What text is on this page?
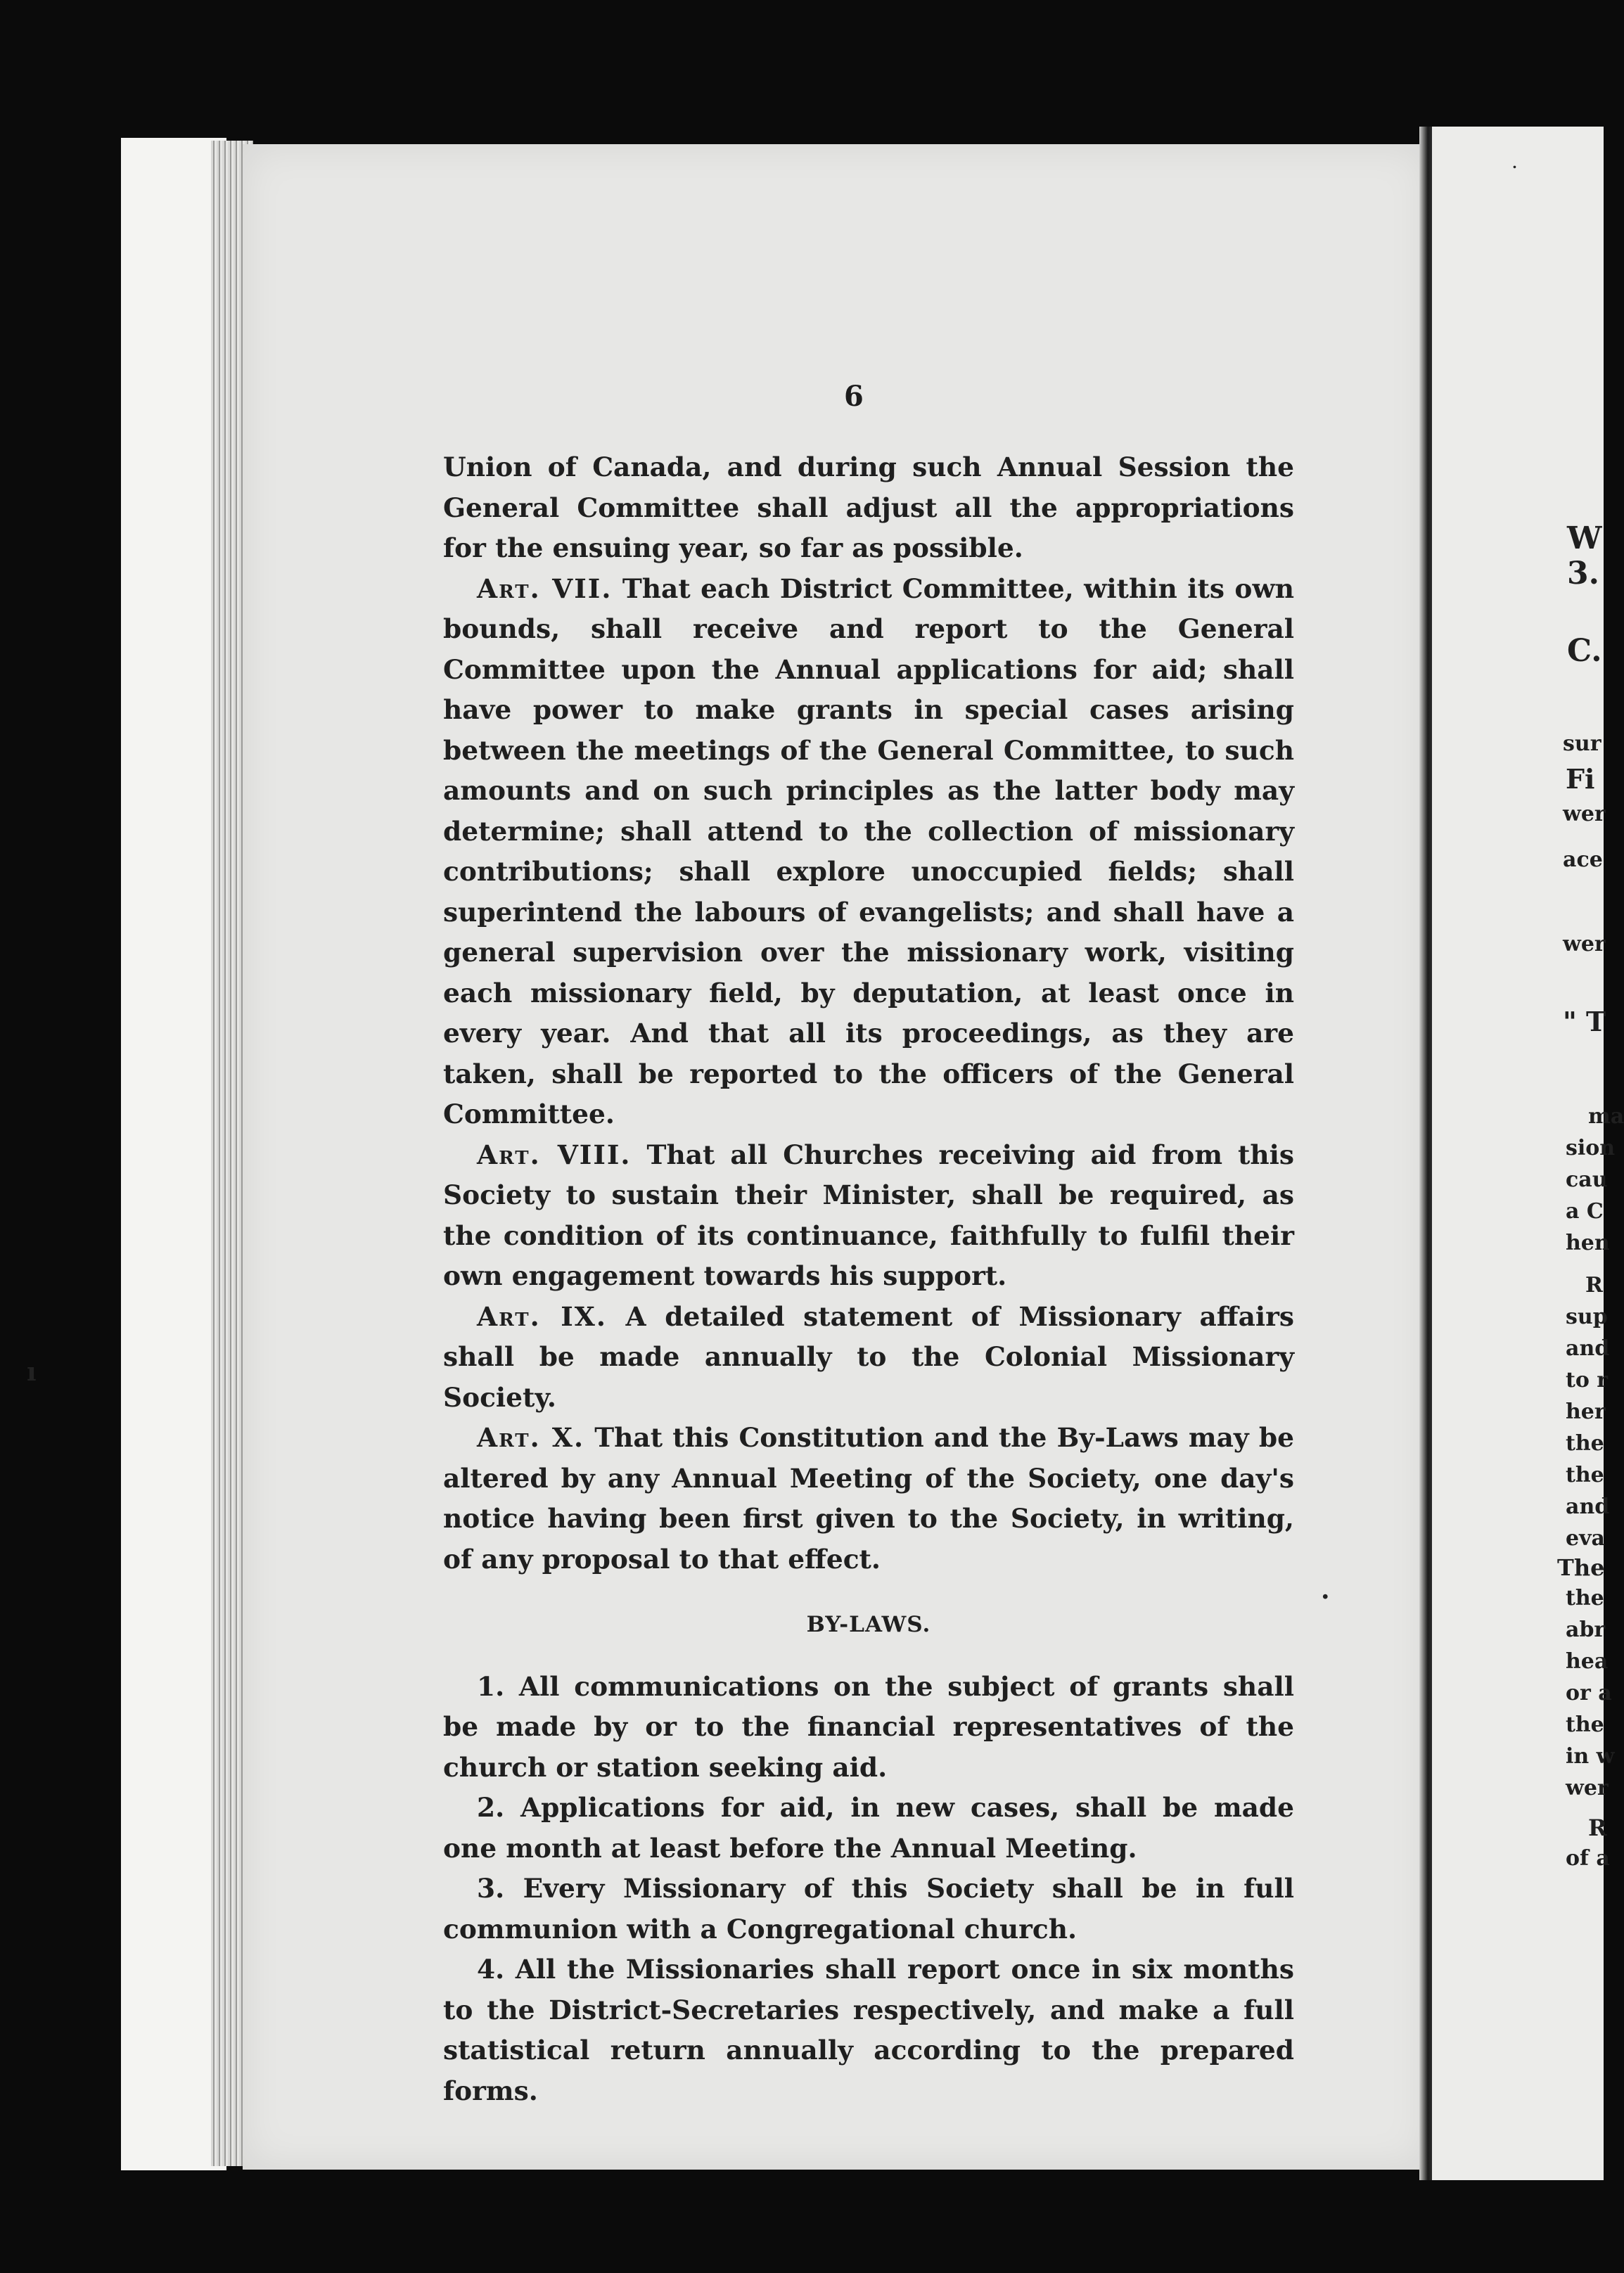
ı
.
.
6

Union of Canada, and during such Annual Session the General Committee shall adjust all the appropriations for the ensuing year, so far as possible.

Art. VII. That each District Committee, within its own bounds, shall receive and report to the General Committee upon the Annual applications for aid; shall have power to make grants in special cases arising between the meetings of the General Committee, to such amounts and on such principles as the latter body may determine; shall attend to the collection of missionary contributions; shall explore unoccupied fields; shall superintend the labours of evangelists; and shall have a general supervision over the missionary work, visiting each missionary field, by deputation, at least once in every year. And that all its proceedings, as they are taken, shall be reported to the officers of the General Committee.

Art. VIII. That all Churches receiving aid from this Society to sustain their Minister, shall be required, as the condition of its continuance, faithfully to fulfil their own engagement towards his support.

Art. IX. A detailed statement of Missionary affairs shall be made annually to the Colonial Missionary Society.

Art. X. That this Constitution and the By-Laws may be altered by any Annual Meeting of the Society, one day's notice having been first given to the Society, in writing, of any proposal to that effect.

BY-LAWS.

1. All communications on the subject of grants shall be made by or to the financial representatives of the church or station seeking aid.

2. Applications for aid, in new cases, shall be made one month at least before the Annual Meeting.

3. Every Missionary of this Society shall be in full communion with a Congregational church.

4. All the Missionaries shall report once in six months to the District-Secretaries respectively, and make a full statistical return annually according to the prepared forms.

W
3.
C.
sur
Fi
wer
ace
wer
" T
ma
sion
cau
a C
hen
R
sup
and
to r
her
the
the
and
eva
The
the
abr
hea
or a
the
in w
wer
R
of a
